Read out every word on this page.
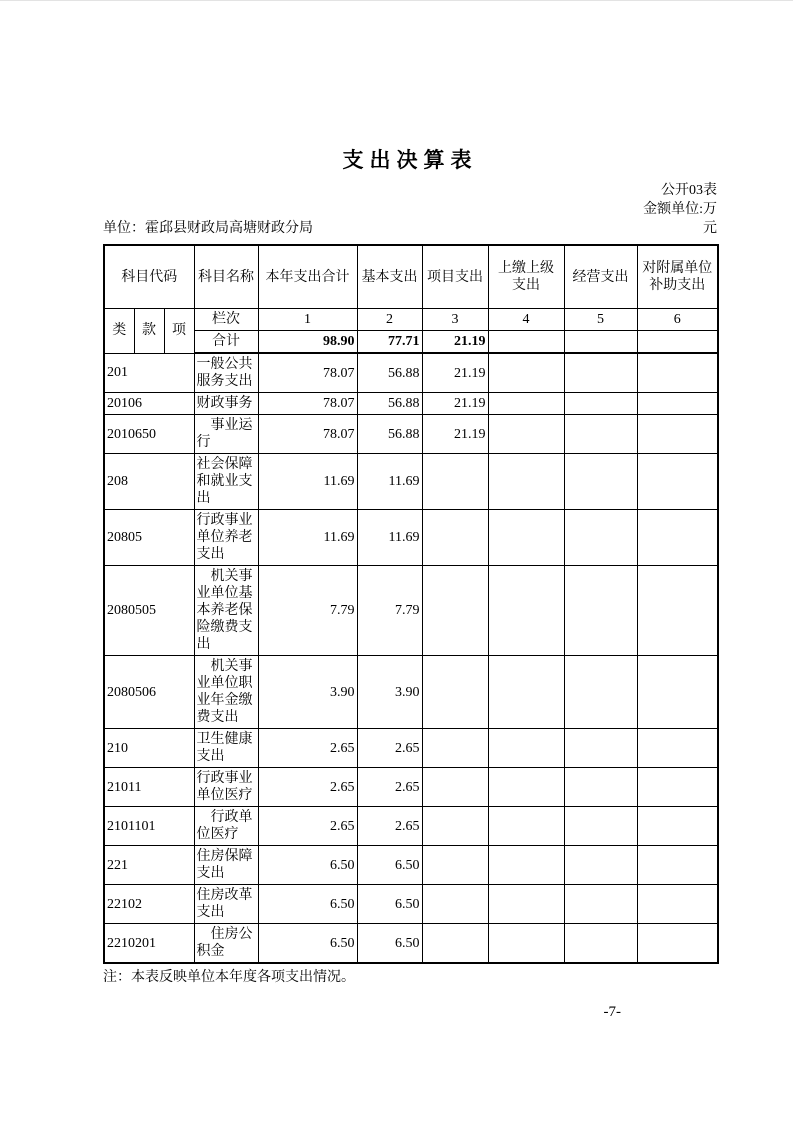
支出决算表
公开03表
金额单位:万元
单位：霍邱县财政局高塘财政分局
科目代码			科目名称	本年支出合计	基本支出	项目支出	上缴上级支出	经营支出	对附属单位补助支出
类	款	项	栏次	1	2	3	4	5	6
			合计	98.90	77.71	21.19			
201			一般公共服务支出	78.07	56.88	21.19			
20106			财政事务	78.07	56.88	21.19			
2010650			　事业运行	78.07	56.88	21.19			
208			社会保障和就业支出	11.69	11.69				
20805			行政事业单位养老支出	11.69	11.69				
2080505			　机关事业单位基本养老保险缴费支出	7.79	7.79				
2080506			　机关事业单位职业年金缴费支出	3.90	3.90				
210			卫生健康支出	2.65	2.65				
21011			行政事业单位医疗	2.65	2.65				
2101101			　行政单位医疗	2.65	2.65				
221			住房保障支出	6.50	6.50				
22102			住房改革支出	6.50	6.50				
2210201			　住房公积金	6.50	6.50				
注：本表反映单位本年度各项支出情况。
-7-
